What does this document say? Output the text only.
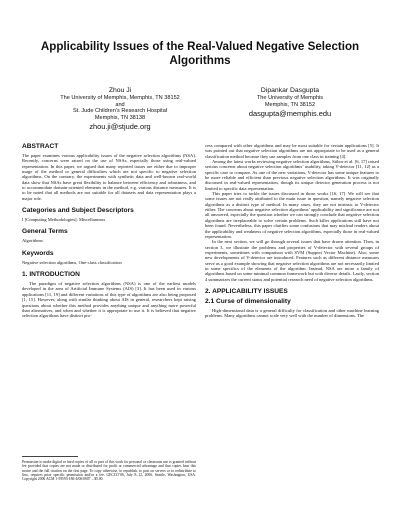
Applicability Issues of the Real-Valued Negative Selection
Algorithms
Zhou Ji
The University of Memphis, Memphis, TN 38152
and
St. Jude Children’s Research Hospital
Memphis, TN 38138
zhou.ji@stjude.org
Dipankar Dasgupta
The University of Memphis
Memphis, TN 38152
dasgupta@memphis.edu
ABSTRACT

The paper examines various applicability issues of the negative selection algorithms (NSA). Recently, concerns were raised on the use of NSAs, especially those using real-valued representation. In this paper, we argued that many reported issues are either due to improper usage of the method or general difficulties which are not specific to negative selection algorithms. On the contrary, the experiments with synthetic data and well-known real-world data show that NSAs have great flexibility to balance between efficiency and robustness, and to accommodate domain-oriented elements in the method, e.g. various distance measures. It is to be noted that all methods are not suitable for all datasets and data representation plays a major role.

Categories and Subject Descriptors
I [Computing Methodologies]: Miscellaneous
General Terms
Algorithms
Keywords
Negative selection algorithms, One-class classification
1. INTRODUCTION

The paradigm of negative selection algorithms (NSA) is one of the earliest models developed in the area of Artificial Immune Systems (AIS) [3]. It has been used in various applications [11, 19] and different variations of this type of algorithms are also being proposed [1, 15]. However, along with similar thinking about AIS in general, researchers kept raising questions about whether this method provides anything unique and anything more powerful than alternatives, and when and whether it is appropriate to use it. It is believed that negative selection algorithms have distinct pro-

Permission to make digital or hard copies of all or part of this work for personal or classroom use is granted without fee provided that copies are not made or distributed for profit or commercial advantage and that copies bear this notice and the full citation on the first page. To copy otherwise, to republish, to post on servers or to redistribute to lists, requires prior specific permission and/or a fee. GECCO’06, July 8–12, 2006, Seattle, Washington, USA. Copyright 2006 ACM 1-59593-186-4/06/0007 ...$5.00.

cess compared with other algorithms and may be most suitable for certain applications [5]. It was pointed out that negative selection algorithms are not appropriate to be used as a general classification method because they use samples from one class in training [4].

Among the latest works reviewing negative selection algorithms, Stibor et al. [6, 17] raised serious concerns about negative selection algorithms’ usability, taking V-detector [11, 12] as a specific case to compare. As one of the new variations, V-detector has some unique features to be more reliable and efficient than previous negative selection algorithms. It was originally discussed in real-valued representation, though its unique detector generation process is not limited to specific data representation.

This paper tries to tackle the issues discussed in those works [16, 17]. We will see that some issues are not really attributed to the main issue in question, namely negative selection algorithms as a distinct type of method. In many cases, they are not intrinsic to V-detector either. The concerns about negative selection algorithms’ applicability and significance are not all answered, especially the question whether we can strongly conclude that negative selection algorithms are irreplaceable to solve certain problems. Such killer applications still have not been found. Nevertheless, this paper clarifies some confusions that may mislead readers about the applicability and weakness of negative selection algorithms, especially those in real-valued representation.

In the next section, we will go through several issues that have drawn attention. Then, in section 3, we illustrate the problems and properties of V-detector with several groups of experiments, sometimes with comparison with SVM (Support Vector Machine). Also, some new developments of V-detector are introduced. Features such as different distance measures serve as a good example showing that negative selection algorithms are not necessarily limited in some specifics of the elements of the algorithm. Instead, NSA are more a family of algorithms based on some minimal common framework but with diverse details. Lastly, section 4 summarizes the current status and potential research need of negative selection algorithms.

2. APPLICABILITY ISSUES
2.1 Curse of dimensionality

High-dimensional data is a general difficulty for classification and other machine learning problems. Many algorithms cannot scale very well with the number of dimensions. The
